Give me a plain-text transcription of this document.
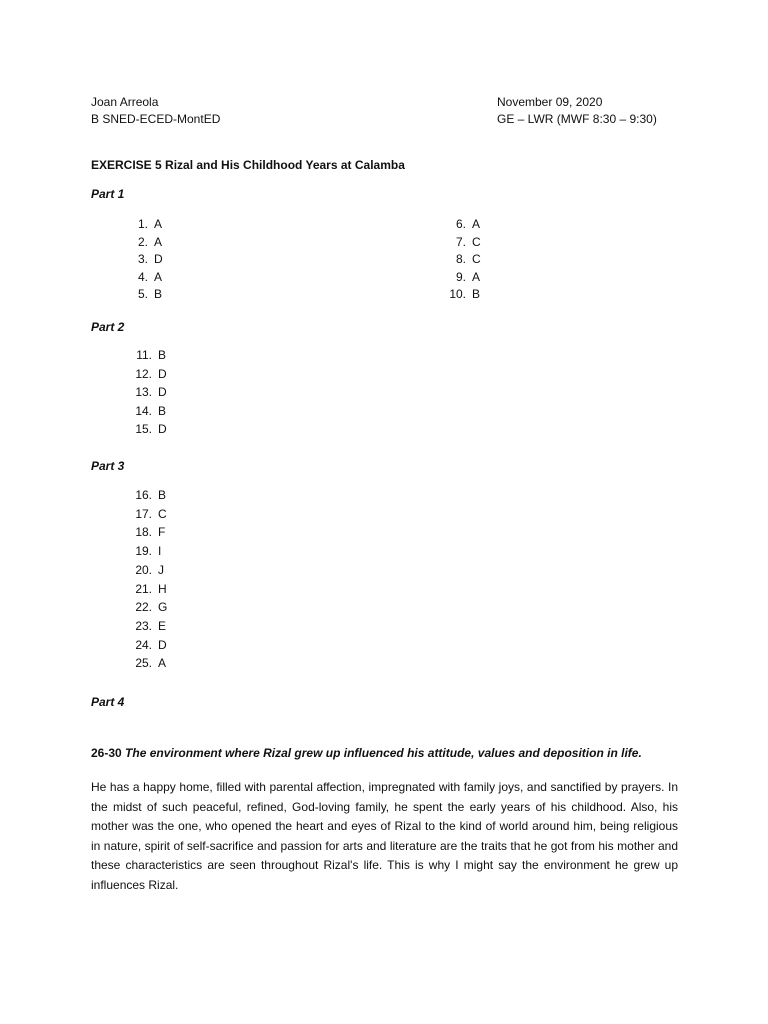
Joan Arreola
B SNED-ECED-MontED
November 09, 2020
GE – LWR (MWF 8:30 – 9:30)
EXERCISE 5 Rizal and His Childhood Years at Calamba
Part 1
1. A
2. A
3. D
4. A
5. B
6. A
7. C
8. C
9. A
10. B
Part 2
11. B
12. D
13. D
14. B
15. D
Part 3
16. B
17. C
18. F
19. I
20. J
21. H
22. G
23. E
24. D
25. A
Part 4
26-30 The environment where Rizal grew up influenced his attitude, values and deposition in life.
He has a happy home, filled with parental affection, impregnated with family joys, and sanctified by prayers. In the midst of such peaceful, refined, God-loving family, he spent the early years of his childhood. Also, his mother was the one, who opened the heart and eyes of Rizal to the kind of world around him, being religious in nature, spirit of self-sacrifice and passion for arts and literature are the traits that he got from his mother and these characteristics are seen throughout Rizal's life. This is why I might say the environment he grew up influences Rizal.
